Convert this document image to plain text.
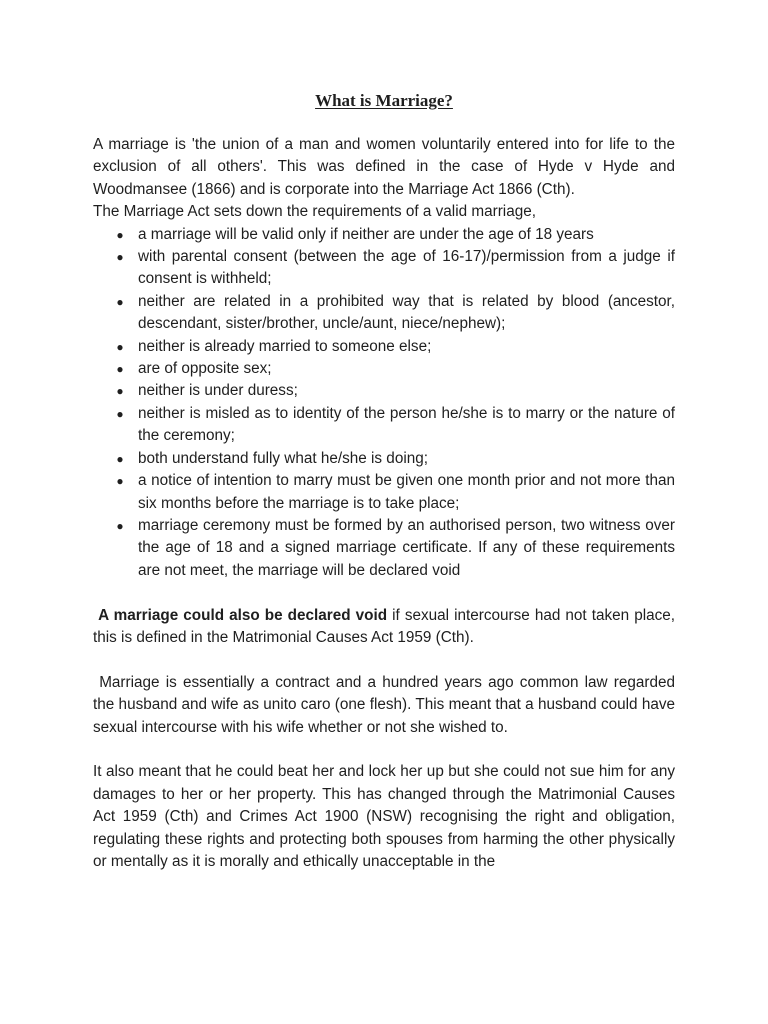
What is Marriage?

A marriage is 'the union of a man and women voluntarily entered into for life to the exclusion of all others'. This was defined in the case of Hyde v Hyde and Woodmansee (1866) and is corporate into the Marriage Act 1866 (Cth).

The Marriage Act sets down the requirements of a valid marriage,

● a marriage will be valid only if neither are under the age of 18 years
● with parental consent (between the age of 16-17)/permission from a judge if consent is withheld;
● neither are related in a prohibited way that is related by blood (ancestor, descendant, sister/brother, uncle/aunt, niece/nephew);
● neither is already married to someone else;
● are of opposite sex;
● neither is under duress;
● neither is misled as to identity of the person he/she is to marry or the nature of the ceremony;
● both understand fully what he/she is doing;
● a notice of intention to marry must be given one month prior and not more than six months before the marriage is to take place;
● marriage ceremony must be formed by an authorised person, two witness over the age of 18 and a signed marriage certificate. If any of these requirements are not meet, the marriage will be declared void

A marriage could also be declared void if sexual intercourse had not taken place, this is defined in the Matrimonial Causes Act 1959 (Cth).

Marriage is essentially a contract and a hundred years ago common law regarded the husband and wife as unito caro (one flesh). This meant that a husband could have sexual intercourse with his wife whether or not she wished to.

It also meant that he could beat her and lock her up but she could not sue him for any damages to her or her property. This has changed through the Matrimonial Causes Act 1959 (Cth) and Crimes Act 1900 (NSW) recognising the right and obligation, regulating these rights and protecting both spouses from harming the other physically or mentally as it is morally and ethically unacceptable in the
